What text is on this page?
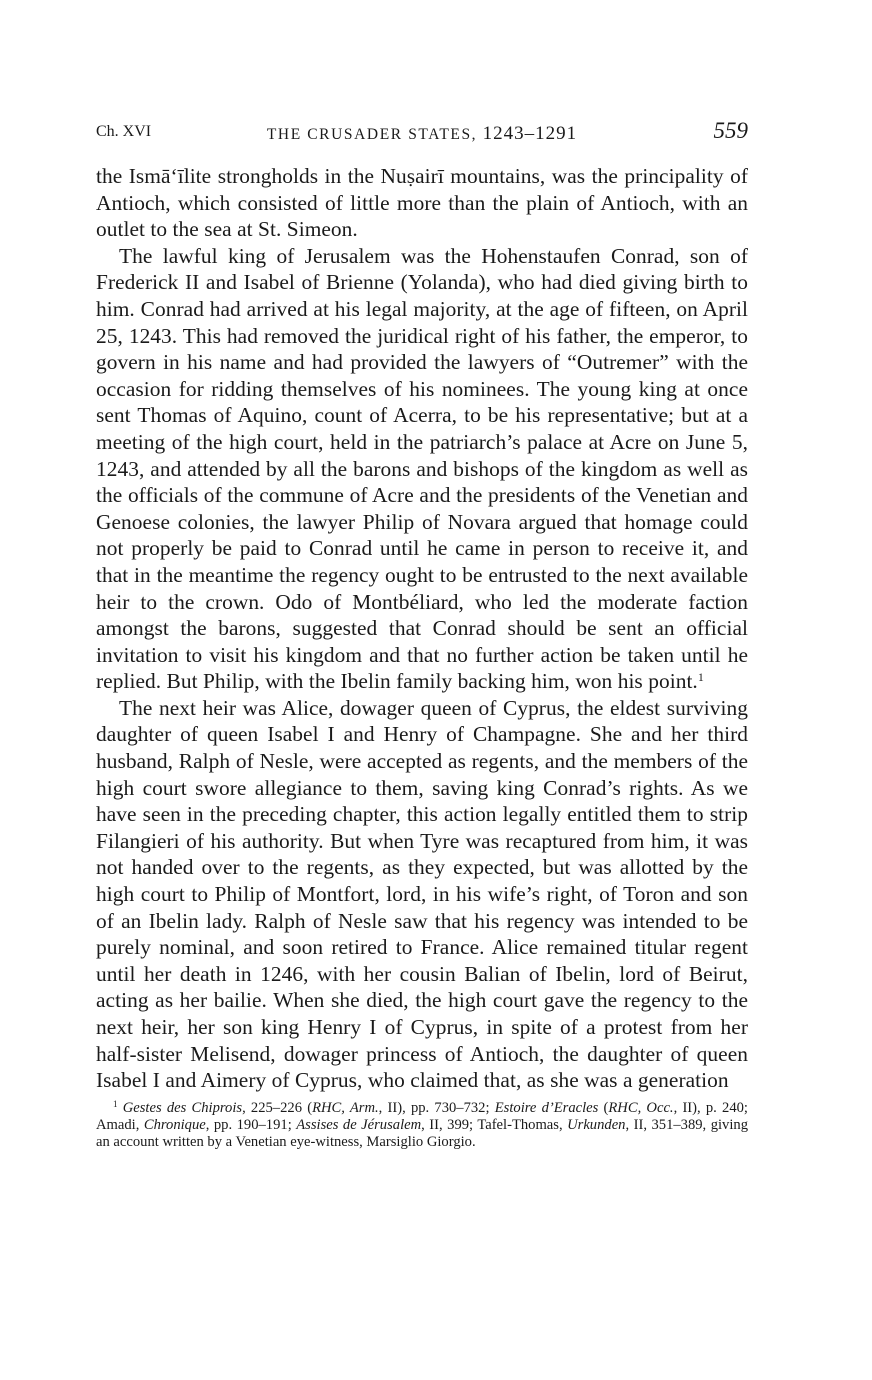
Ch. XVI	THE CRUSADER STATES, 1243–1291	559

the Ismā‘īlite strongholds in the Nuṣairī mountains, was the principality of Antioch, which consisted of little more than the plain of Antioch, with an outlet to the sea at St. Simeon.

The lawful king of Jerusalem was the Hohenstaufen Conrad, son of Frederick II and Isabel of Brienne (Yolanda), who had died giving birth to him. Conrad had arrived at his legal majority, at the age of fifteen, on April 25, 1243. This had removed the juridical right of his father, the emperor, to govern in his name and had provided the lawyers of “Outremer” with the occasion for ridding themselves of his nominees. The young king at once sent Thomas of Aquino, count of Acerra, to be his representative; but at a meeting of the high court, held in the patriarch’s palace at Acre on June 5, 1243, and attended by all the barons and bishops of the kingdom as well as the officials of the commune of Acre and the presidents of the Venetian and Genoese colonies, the lawyer Philip of Novara argued that homage could not properly be paid to Conrad until he came in person to receive it, and that in the meantime the regency ought to be entrusted to the next available heir to the crown. Odo of Montbéliard, who led the moderate faction amongst the barons, suggested that Conrad should be sent an official invitation to visit his kingdom and that no further action be taken until he replied. But Philip, with the Ibelin family backing him, won his point.$^1$

The next heir was Alice, dowager queen of Cyprus, the eldest surviving daughter of queen Isabel I and Henry of Champagne. She and her third husband, Ralph of Nesle, were accepted as regents, and the members of the high court swore allegiance to them, saving king Conrad’s rights. As we have seen in the preceding chapter, this action legally entitled them to strip Filangieri of his authority. But when Tyre was recaptured from him, it was not handed over to the regents, as they expected, but was allotted by the high court to Philip of Montfort, lord, in his wife’s right, of Toron and son of an Ibelin lady. Ralph of Nesle saw that his regency was intended to be purely nominal, and soon retired to France. Alice remained titular regent until her death in 1246, with her cousin Balian of Ibelin, lord of Beirut, acting as her bailie. When she died, the high court gave the regency to the next heir, her son king Henry I of Cyprus, in spite of a protest from her half-sister Melisend, dowager princess of Antioch, the daughter of queen Isabel I and Aimery of Cyprus, who claimed that, as she was a generation

$^1$ Gestes des Chiprois, 225–226 (RHC, Arm., II), pp. 730–732; Estoire d’Eracles (RHC, Occ., II), p. 240; Amadi, Chronique, pp. 190–191; Assises de Jérusalem, II, 399; Tafel-Thomas, Urkunden, II, 351–389, giving an account written by a Venetian eye-witness, Marsiglio Giorgio.
